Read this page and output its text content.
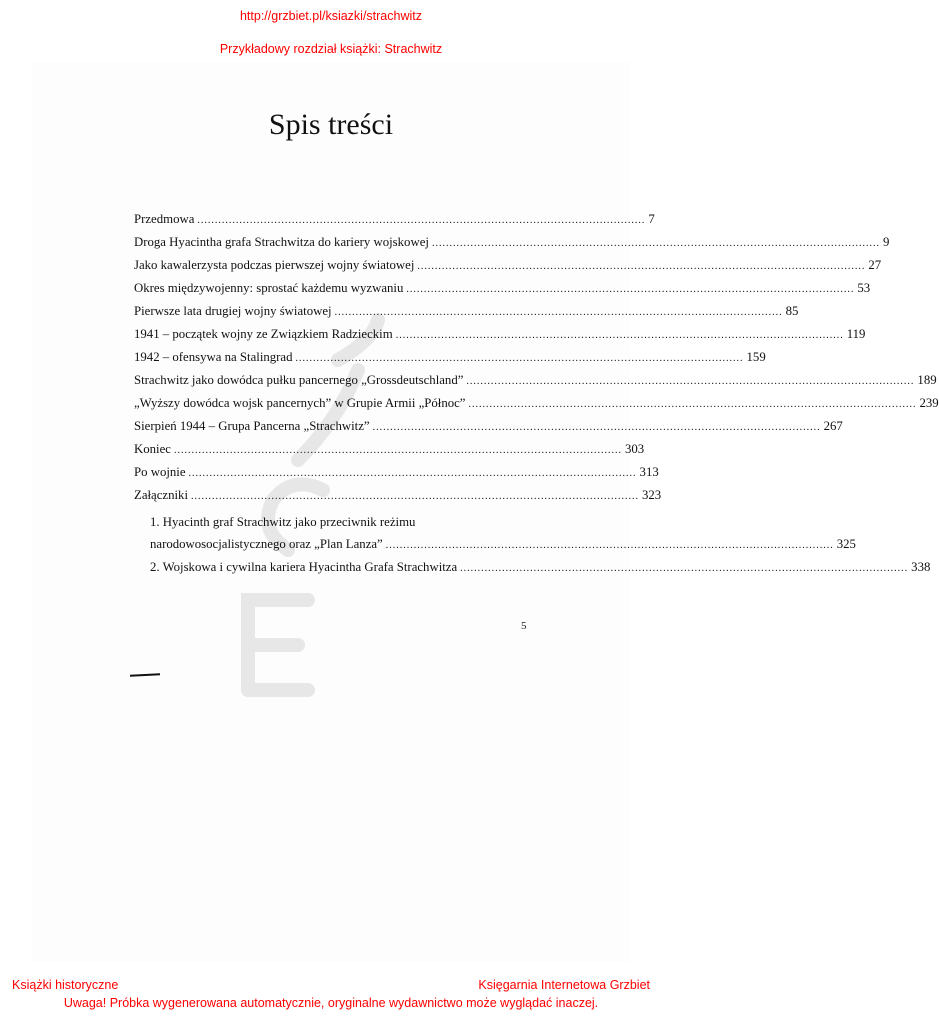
http://grzbiet.pl/ksiazki/strachwitz
Przykładowy rozdział książki: Strachwitz
Spis treści
Przedmowa ................................................................................................................................ 7
Droga Hyacintha grafa Strachwitza do kariery wojskowej ................................................................................................................................ 9
Jako kawalerzysta podczas pierwszej wojny światowej ................................................................................................................................ 27
Okres międzywojenny: sprostać każdemu wyzwaniu ................................................................................................................................ 53
Pierwsze lata drugiej wojny światowej ................................................................................................................................ 85
1941 – początek wojny ze Związkiem Radzieckim ................................................................................................................................ 119
1942 – ofensywa na Stalingrad ................................................................................................................................ 159
Strachwitz jako dowódca pułku pancernego „Grossdeutschland” ................................................................................................................................ 189
„Wyższy dowódca wojsk pancernych” w Grupie Armii „Północ” ................................................................................................................................ 239
Sierpień 1944 – Grupa Pancerna „Strachwitz” ................................................................................................................................ 267
Koniec ................................................................................................................................ 303
Po wojnie ................................................................................................................................ 313
Załączniki ................................................................................................................................ 323
1. Hyacinth graf Strachwitz jako przeciwnik reżimu
narodowosocjalistycznego oraz „Plan Lanza” ................................................................................................................................ 325
2. Wojskowa i cywilna kariera Hyacintha Grafa Strachwitza ................................................................................................................................ 338
5
Książki historyczne	Księgarnia Internetowa Grzbiet
Uwaga! Próbka wygenerowana automatycznie, oryginalne wydawnictwo może wyglądać inaczej.
